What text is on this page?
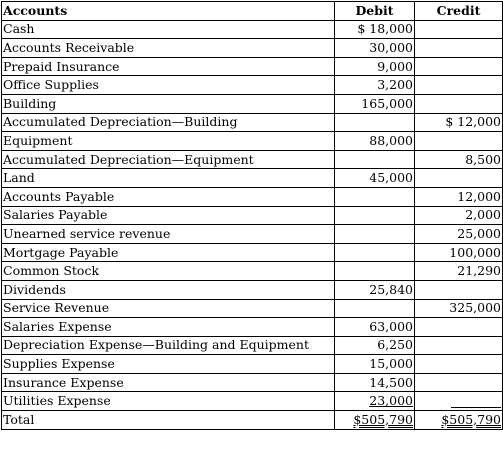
Accounts	Debit	Credit
Cash	$ 18,000	
Accounts Receivable	30,000	
Prepaid Insurance	9,000	
Office Supplies	3,200	
Building	165,000	
Accumulated Depreciation—Building		$ 12,000
Equipment	88,000	
Accumulated Depreciation—Equipment		8,500
Land	45,000	
Accounts Payable		12,000
Salaries Payable		2,000
Unearned service revenue		25,000
Mortgage Payable		100,000
Common Stock		21,290
Dividends	25,840	
Service Revenue		325,000
Salaries Expense	63,000	
Depreciation Expense—Building and Equipment	6,250	
Supplies Expense	15,000	
Insurance Expense	14,500	
Utilities Expense	23,000	
Total	$505,790	$505,790
